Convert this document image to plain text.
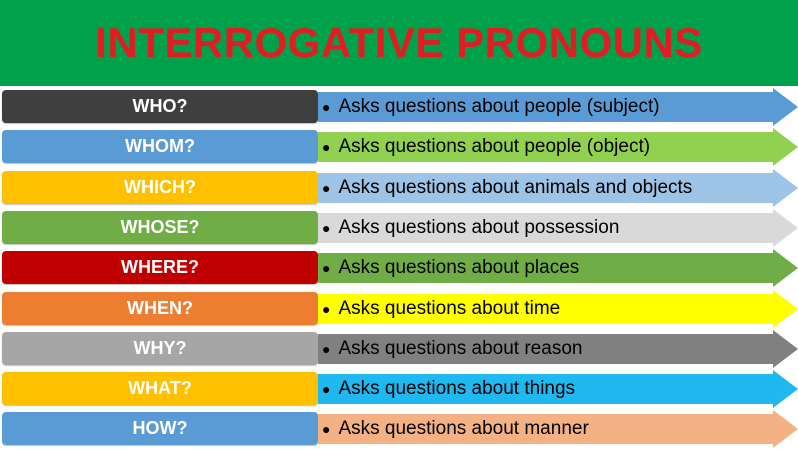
INTERROGATIVE PRONOUNS
WHO?	● Asks questions about people (subject)
WHOM?	● Asks questions about people (object)
WHICH?	● Asks questions about animals and objects
WHOSE?	● Asks questions about possession
WHERE?	● Asks questions about places
WHEN?	● Asks questions about time
WHY?	● Asks questions about reason
WHAT?	● Asks questions about things
HOW?	● Asks questions about manner
